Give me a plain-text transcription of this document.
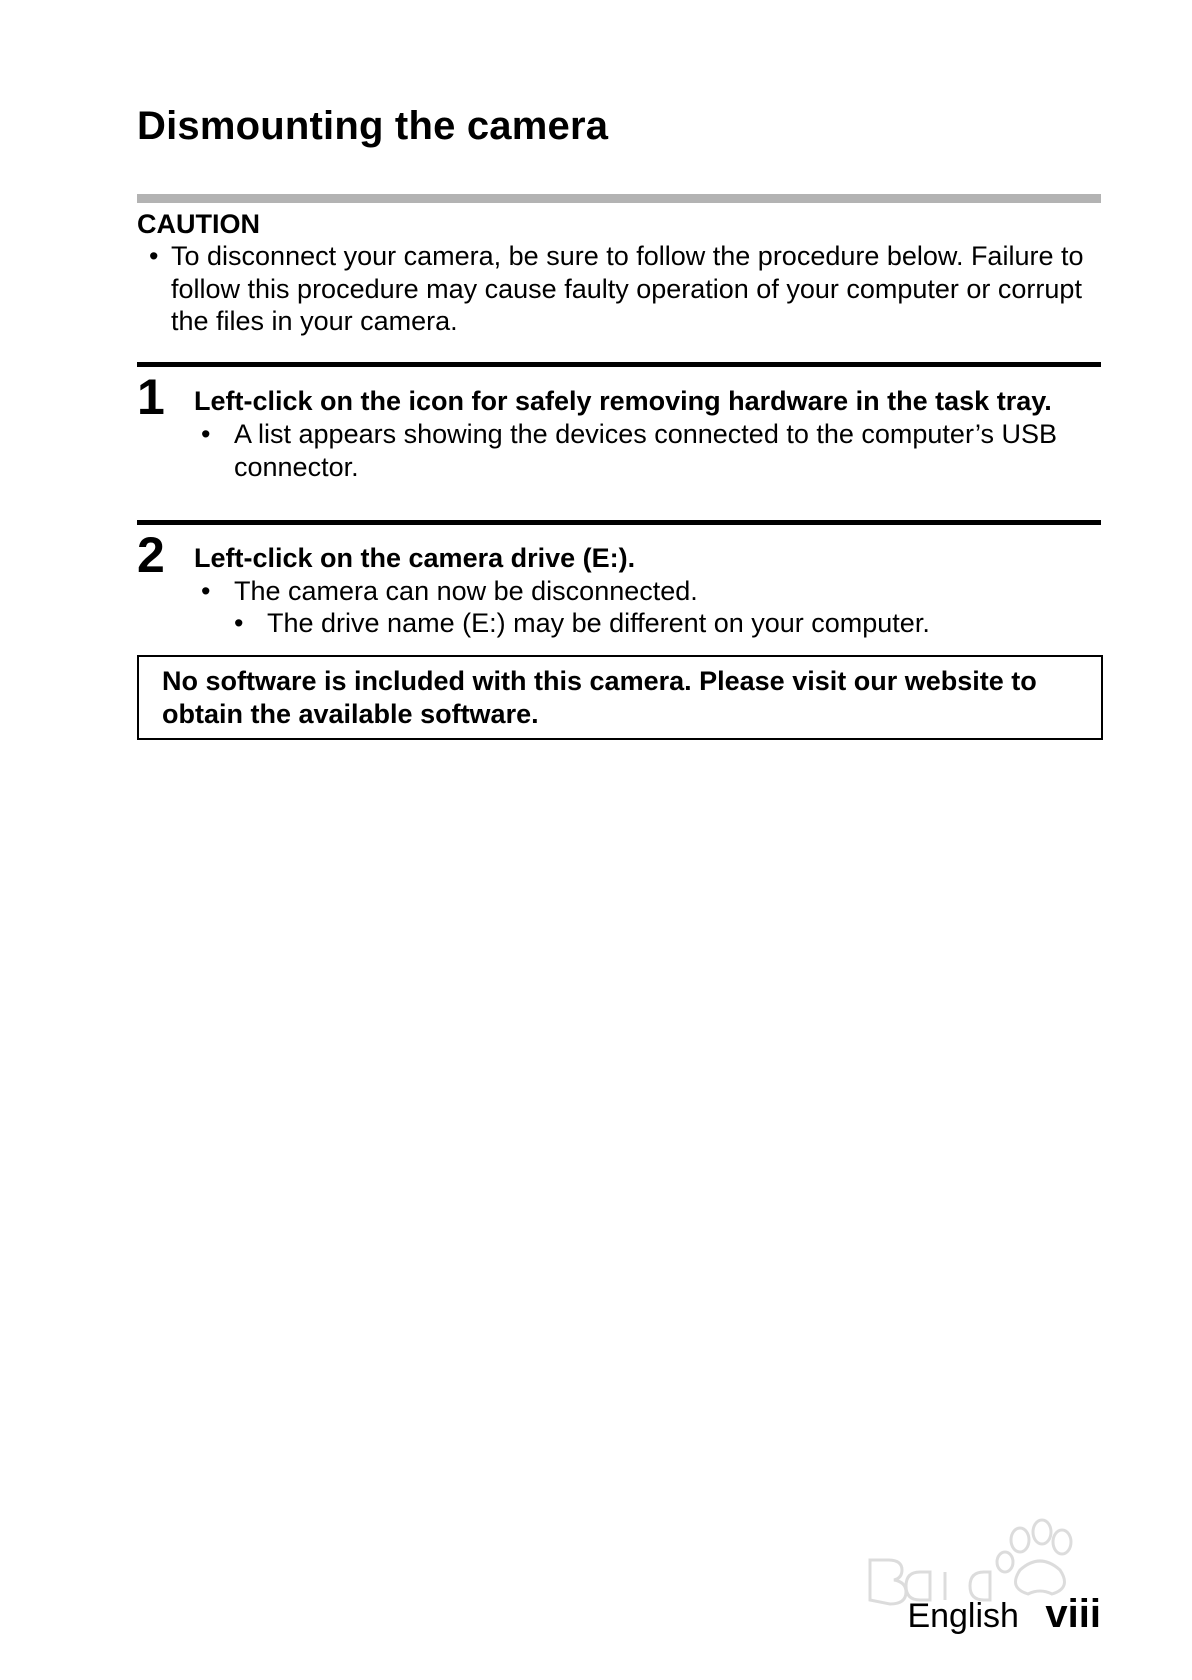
Dismounting the camera
CAUTION
• To disconnect your camera, be sure to follow the procedure below. Failure to follow this procedure may cause faulty operation of your computer or corrupt the files in your camera.
1 Left-click on the icon for safely removing hardware in the task tray.
• A list appears showing the devices connected to the computer’s USB connector.
2 Left-click on the camera drive (E:).
• The camera can now be disconnected.
• The drive name (E:) may be different on your computer.
No software is included with this camera. Please visit our website to obtain the available software.
English viii
